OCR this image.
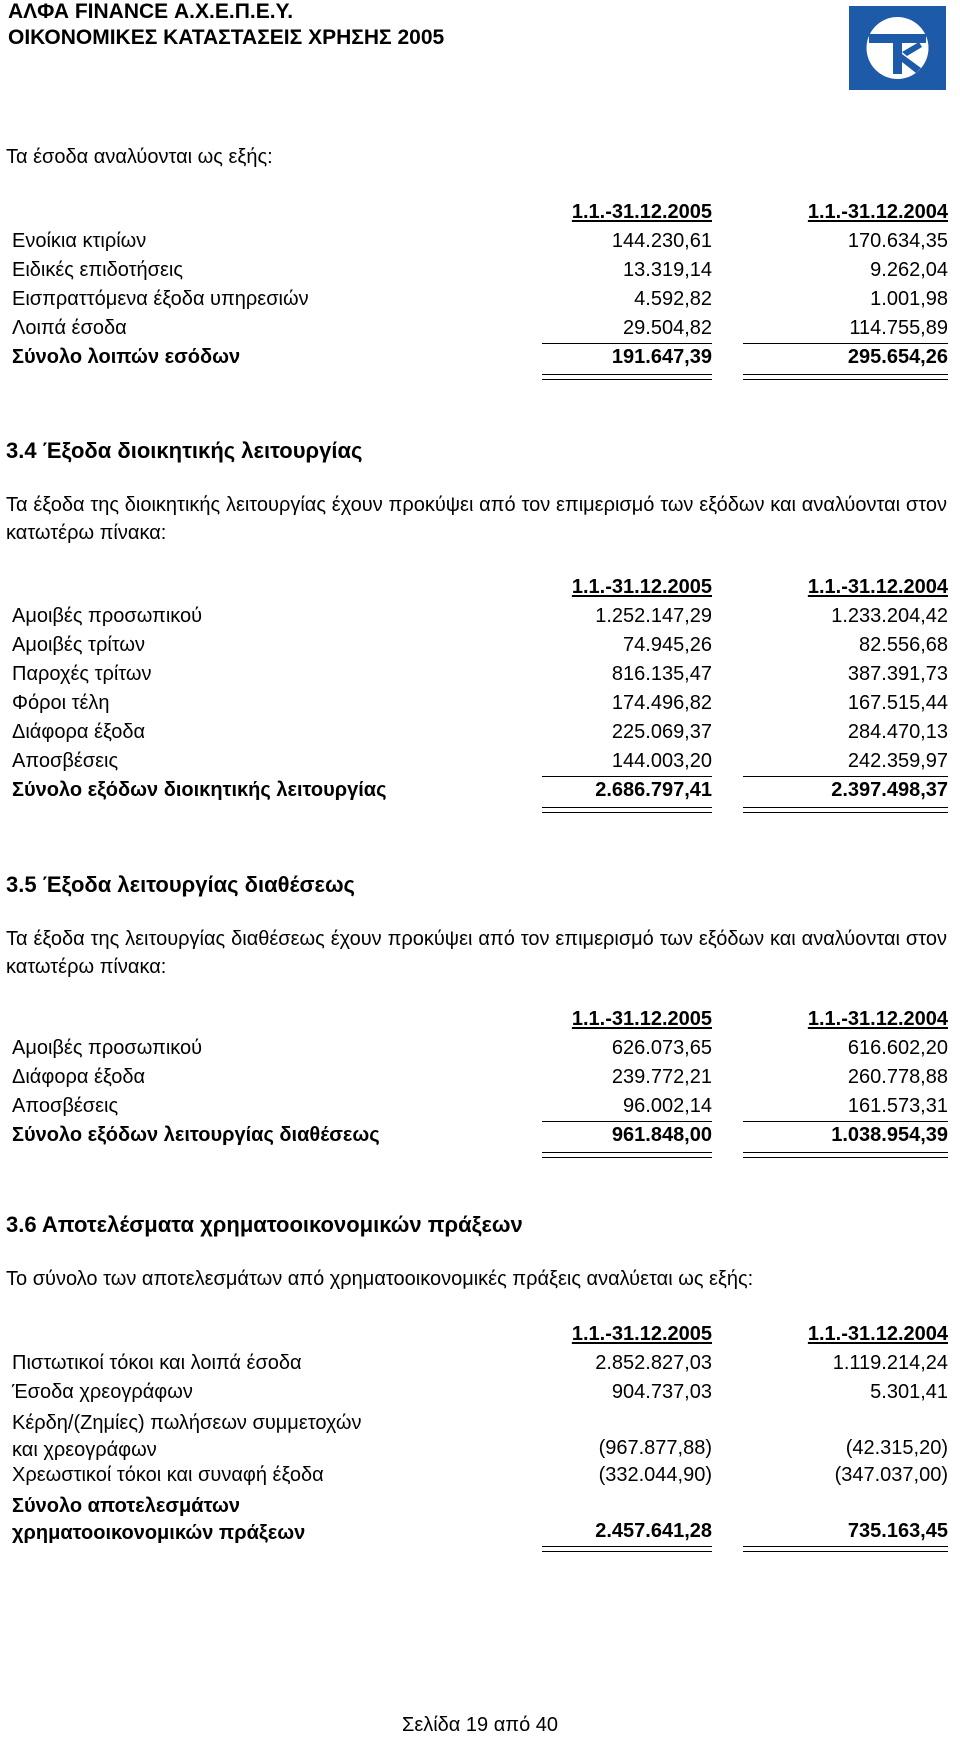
ΑΛΦΑ FINANCE Α.Χ.Ε.Π.Ε.Υ.
ΟΙΚΟΝΟΜΙΚΕΣ ΚΑΤΑΣΤΑΣΕΙΣ ΧΡΗΣΗΣ 2005
Τα έσοδα αναλύονται ως εξής:
1.1.-31.12.2005	1.1.-31.12.2004
Ενοίκια κτιρίων	144.230,61	170.634,35
Ειδικές επιδοτήσεις	13.319,14	9.262,04
Εισπραττόμενα έξοδα υπηρεσιών	4.592,82	1.001,98
Λοιπά έσοδα	29.504,82	114.755,89
Σύνολο λοιπών εσόδων	191.647,39	295.654,26
3.4 Έξοδα διοικητικής λειτουργίας
Τα έξοδα της διοικητικής λειτουργίας έχουν προκύψει από τον επιμερισμό των εξόδων και αναλύονται στον κατωτέρω πίνακα:
1.1.-31.12.2005	1.1.-31.12.2004
Αμοιβές προσωπικού	1.252.147,29	1.233.204,42
Αμοιβές τρίτων	74.945,26	82.556,68
Παροχές τρίτων	816.135,47	387.391,73
Φόροι τέλη	174.496,82	167.515,44
Διάφορα έξοδα	225.069,37	284.470,13
Αποσβέσεις	144.003,20	242.359,97
Σύνολο εξόδων διοικητικής λειτουργίας	2.686.797,41	2.397.498,37
3.5 Έξοδα λειτουργίας διαθέσεως
Τα έξοδα της λειτουργίας διαθέσεως έχουν προκύψει από τον επιμερισμό των εξόδων και αναλύονται στον κατωτέρω πίνακα:
1.1.-31.12.2005	1.1.-31.12.2004
Αμοιβές προσωπικού	626.073,65	616.602,20
Διάφορα έξοδα	239.772,21	260.778,88
Αποσβέσεις	96.002,14	161.573,31
Σύνολο εξόδων λειτουργίας διαθέσεως	961.848,00	1.038.954,39
3.6 Αποτελέσματα χρηματοοικονομικών πράξεων
Το σύνολο των αποτελεσμάτων από χρηματοοικονομικές πράξεις αναλύεται ως εξής:
1.1.-31.12.2005	1.1.-31.12.2004
Πιστωτικοί τόκοι και λοιπά έσοδα	2.852.827,03	1.119.214,24
Έσοδα χρεογράφων	904.737,03	5.301,41
Κέρδη/(Ζημίες) πωλήσεων συμμετοχών
και χρεογράφων	(967.877,88)	(42.315,20)
Χρεωστικοί τόκοι και συναφή έξοδα	(332.044,90)	(347.037,00)
Σύνολο αποτελεσμάτων
χρηματοοικονομικών πράξεων	2.457.641,28	735.163,45
Σελίδα 19 από 40
